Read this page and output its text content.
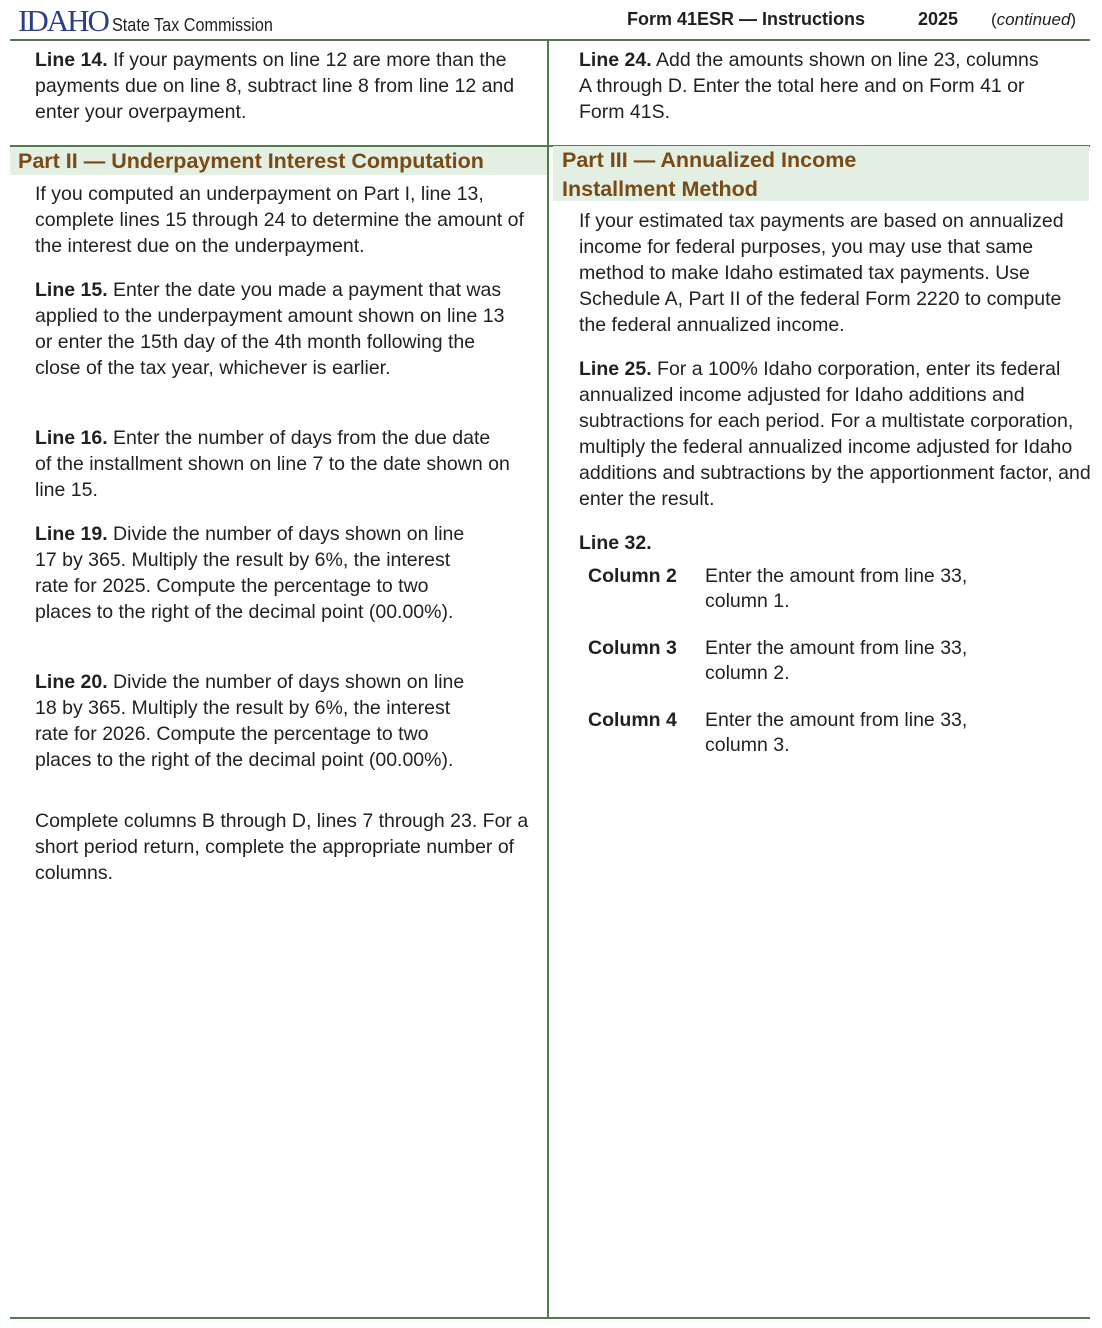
IDAHO State Tax Commission	Form 41ESR — Instructions	2025 (continued)

Line 14. If your payments on line 12 are more than the payments due on line 8, subtract line 8 from line 12 and enter your overpayment.

Part II — Underpayment Interest Computation

If you computed an underpayment on Part I, line 13, complete lines 15 through 24 to determine the amount of the interest due on the underpayment.

Line 15. Enter the date you made a payment that was applied to the underpayment amount shown on line 13 or enter the 15th day of the 4th month following the close of the tax year, whichever is earlier.

Line 16. Enter the number of days from the due date of the installment shown on line 7 to the date shown on line 15.

Line 19. Divide the number of days shown on line 17 by 365. Multiply the result by 6%, the interest rate for 2025. Compute the percentage to two places to the right of the decimal point (00.00%).

Line 20. Divide the number of days shown on line 18 by 365. Multiply the result by 6%, the interest rate for 2026. Compute the percentage to two places to the right of the decimal point (00.00%).

Complete columns B through D, lines 7 through 23. For a short period return, complete the appropriate number of columns.

Line 24. Add the amounts shown on line 23, columns A through D. Enter the total here and on Form 41 or Form 41S.

Part III — Annualized Income
Installment Method

If your estimated tax payments are based on annualized income for federal purposes, you may use that same method to make Idaho estimated tax payments. Use Schedule A, Part II of the federal Form 2220 to compute the federal annualized income.

Line 25. For a 100% Idaho corporation, enter its federal annualized income adjusted for Idaho additions and subtractions for each period. For a multistate corporation, multiply the federal annualized income adjusted for Idaho additions and subtractions by the apportionment factor, and enter the result.

Line 32.
Column 2 Enter the amount from line 33,
column 1.
Column 3 Enter the amount from line 33,
column 2.
Column 4 Enter the amount from line 33,
column 3.
